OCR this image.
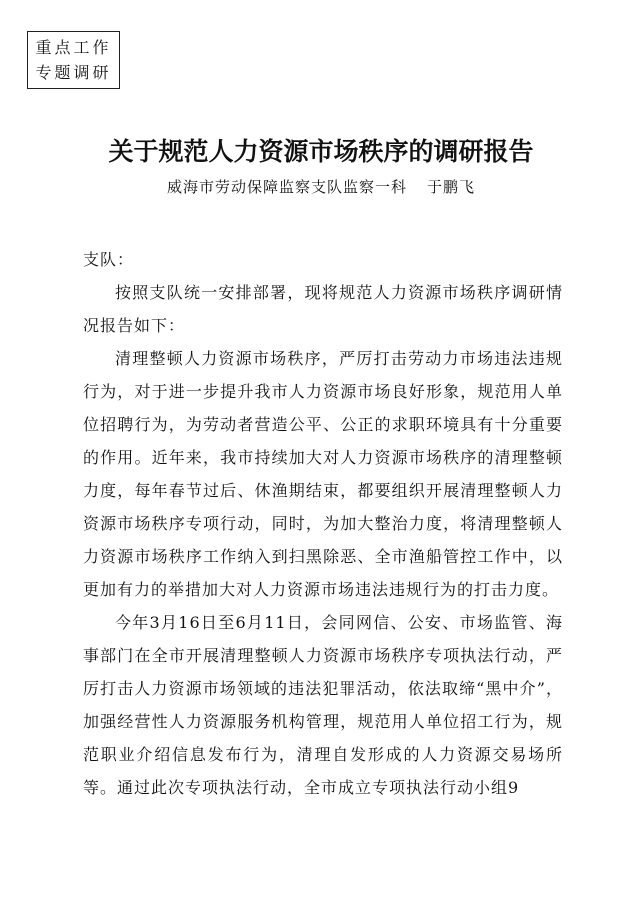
重点工作
专题调研
关于规范人力资源市场秩序的调研报告
威海市劳动保障监察支队监察一科 于鹏飞

支队：

按照支队统一安排部署，现将规范人力资源市场秩序调研情况报告如下：

清理整顿人力资源市场秩序，严厉打击劳动力市场违法违规行为，对于进一步提升我市人力资源市场良好形象，规范用人单位招聘行为，为劳动者营造公平、公正的求职环境具有十分重要的作用。近年来，我市持续加大对人力资源市场秩序的清理整顿力度，每年春节过后、休渔期结束，都要组织开展清理整顿人力资源市场秩序专项行动，同时，为加大整治力度，将清理整顿人力资源市场秩序工作纳入到扫黑除恶、全市渔船管控工作中，以更加有力的举措加大对人力资源市场违法违规行为的打击力度。

今年3月16日至6月11日，会同网信、公安、市场监管、海事部门在全市开展清理整顿人力资源市场秩序专项执法行动，严厉打击人力资源市场领域的违法犯罪活动，依法取缔“黑中介”，加强经营性人力资源服务机构管理，规范用人单位招工行为，规范职业介绍信息发布行为，清理自发形成的人力资源交易场所等。通过此次专项执法行动，全市成立专项执法行动小组9
